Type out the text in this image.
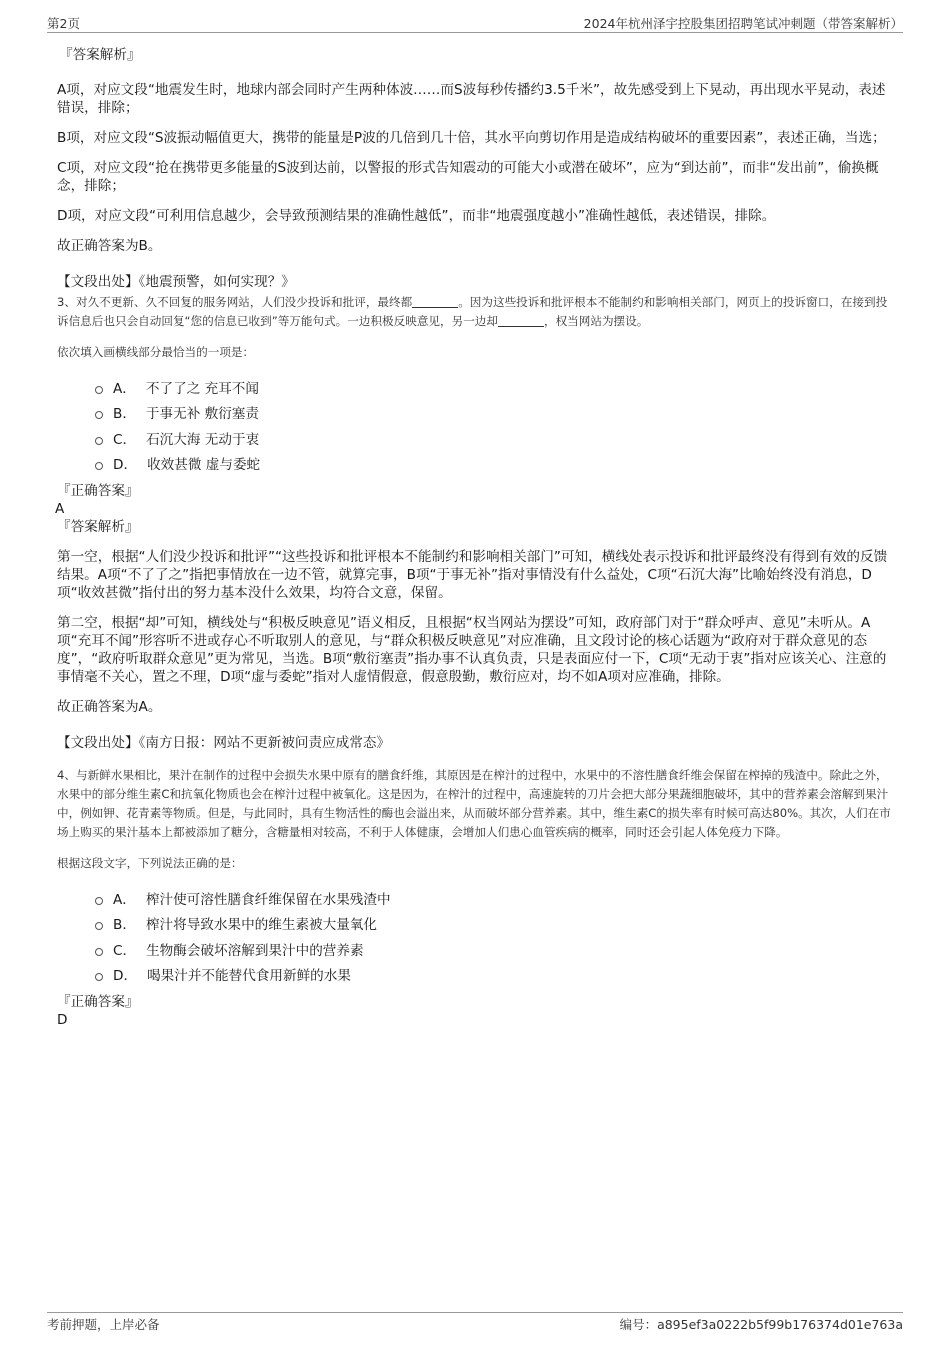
第2页	2024年杭州泽宇控股集团招聘笔试冲刺题（带答案解析）

『答案解析』

A项，对应文段“地震发生时，地球内部会同时产生两种体波……而S波每秒传播约3.5千米”，故先感受到上下晃动，再出现水平晃动，表述错误，排除；

B项，对应文段“S波振动幅值更大，携带的能量是P波的几倍到几十倍，其水平向剪切作用是造成结构破坏的重要因素”，表述正确，当选；

C项，对应文段“抢在携带更多能量的S波到达前，以警报的形式告知震动的可能大小或潜在破坏”，应为“到达前”，而非“发出前”，偷换概念，排除；

D项，对应文段“可利用信息越少，会导致预测结果的准确性越低”，而非“地震强度越小”准确性越低，表述错误，排除。

故正确答案为B。

【文段出处】《地震预警，如何实现？》

3、对久不更新、久不回复的服务网站，人们没少投诉和批评，最终都	。因为这些投诉和批评根本不能制约和影响相关部门，网页上的投诉窗口，在接到投诉信息后也只会自动回复“您的信息已收到”等万能句式。一边积极反映意见，另一边却	，权当网站为摆设。

依次填入画横线部分最恰当的一项是：

A． 不了了之 充耳不闻
B． 于事无补 敷衍塞责
C． 石沉大海 无动于衷
D． 收效甚微 虚与委蛇

『正确答案』

A

『答案解析』

第一空，根据“人们没少投诉和批评”“这些投诉和批评根本不能制约和影响相关部门”可知，横线处表示投诉和批评最终没有得到有效的反馈结果。A项“不了了之”指把事情放在一边不管，就算完事，B项“于事无补”指对事情没有什么益处，C项“石沉大海”比喻始终没有消息，D项“收效甚微”指付出的努力基本没什么效果，均符合文意，保留。

第二空，根据“却”可知，横线处与“积极反映意见”语义相反，且根据“权当网站为摆设”可知，政府部门对于“群众呼声、意见”未听从。A项“充耳不闻”形容听不进或存心不听取别人的意见，与“群众积极反映意见”对应准确，且文段讨论的核心话题为“政府对于群众意见的态度”，“政府听取群众意见”更为常见，当选。B项“敷衍塞责”指办事不认真负责，只是表面应付一下，C项“无动于衷”指对应该关心、注意的事情毫不关心，置之不理，D项“虚与委蛇”指对人虚情假意，假意殷勤，敷衍应对，均不如A项对应准确，排除。

故正确答案为A。

【文段出处】《南方日报：网站不更新被问责应成常态》

4、与新鲜水果相比，果汁在制作的过程中会损失水果中原有的膳食纤维，其原因是在榨汁的过程中，水果中的不溶性膳食纤维会保留在榨掉的残渣中。除此之外，水果中的部分维生素C和抗氧化物质也会在榨汁过程中被氧化。这是因为，在榨汁的过程中，高速旋转的刀片会把大部分果蔬细胞破坏，其中的营养素会溶解到果汁中，例如钾、花青素等物质。但是，与此同时，具有生物活性的酶也会溢出来，从而破坏部分营养素。其中，维生素C的损失率有时候可高达80%。其次，人们在市场上购买的果汁基本上都被添加了糖分，含糖量相对较高，不利于人体健康，会增加人们患心血管疾病的概率，同时还会引起人体免疫力下降。

根据这段文字，下列说法正确的是：

A． 榨汁使可溶性膳食纤维保留在水果残渣中
B． 榨汁将导致水果中的维生素被大量氧化
C． 生物酶会破坏溶解到果汁中的营养素
D． 喝果汁并不能替代食用新鲜的水果

『正确答案』

D

考前押题，上岸必备	编号：a895ef3a0222b5f99b176374d01e763a
